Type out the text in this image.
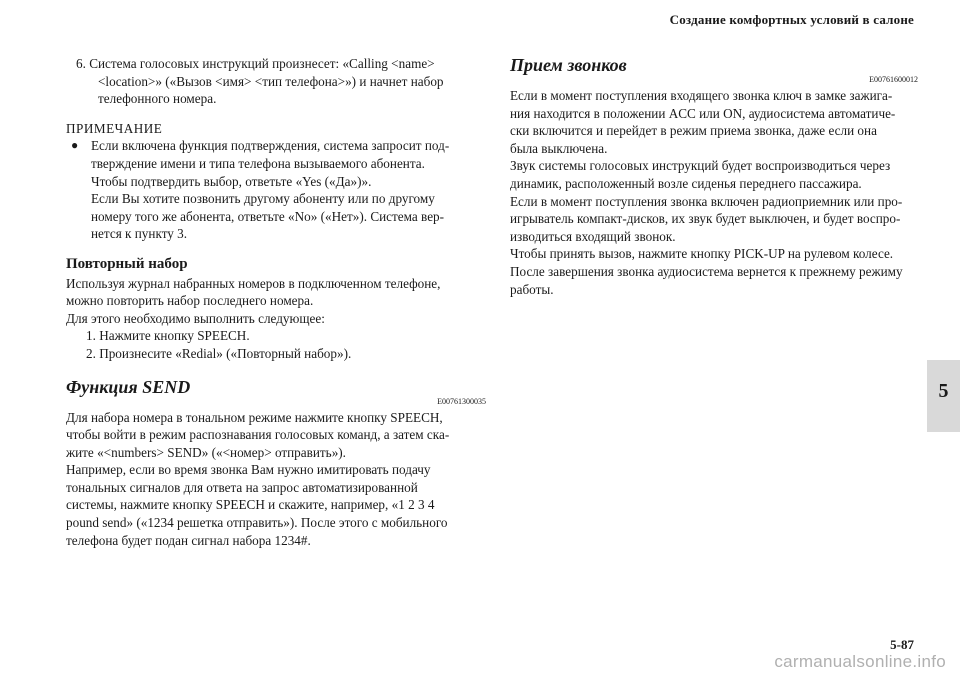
Создание комфортных условий в салоне

6. Система голосовых инструкций произнесет: «Calling <name>

<location>» («Вызов <имя> <тип телефона>») и начнет набор

телефонного номера.

ПРИМЕЧАНИЕ

● Если включена функция подтверждения, система запросит под-

тверждение имени и типа телефона вызываемого абонента.

Чтобы подтвердить выбор, ответьте «Yes («Да»)».

Если Вы хотите позвонить другому абоненту или по другому

номеру того же абонента, ответьте «No» («Нет»). Система вер-

нется к пункту 3.

Повторный набор

Используя журнал набранных номеров в подключенном телефоне,

можно повторить набор последнего номера.

Для этого необходимо выполнить следующее:

1. Нажмите кнопку SPEECH.

2. Произнесите «Redial» («Повторный набор»).

Функция SEND

E00761300035

Для набора номера в тональном режиме нажмите кнопку SPEECH,

чтобы войти в режим распознавания голосовых команд, а затем ска-

жите «<numbers> SEND» («<номер> отправить»).

Например, если во время звонка Вам нужно имитировать подачу

тональных сигналов для ответа на запрос автоматизированной

системы, нажмите кнопку SPEECH и скажите, например, «1 2 3 4

pound send» («1234 решетка отправить»). После этого с мобильного

телефона будет подан сигнал набора 1234#.

Прием звонков

E00761600012

Если в момент поступления входящего звонка ключ в замке зажига-

ния находится в положении ACC или ON, аудиосистема автоматиче-

ски включится и перейдет в режим приема звонка, даже если она

была выключена.

Звук системы голосовых инструкций будет воспроизводиться через

динамик, расположенный возле сиденья переднего пассажира.

Если в момент поступления звонка включен радиоприемник или про-

игрыватель компакт-дисков, их звук будет выключен, и будет воспро-

изводиться входящий звонок.

Чтобы принять вызов, нажмите кнопку PICK-UP на рулевом колесе.

После завершения звонка аудиосистема вернется к прежнему режиму

работы.

5
5-87
carmanualsonline.info
